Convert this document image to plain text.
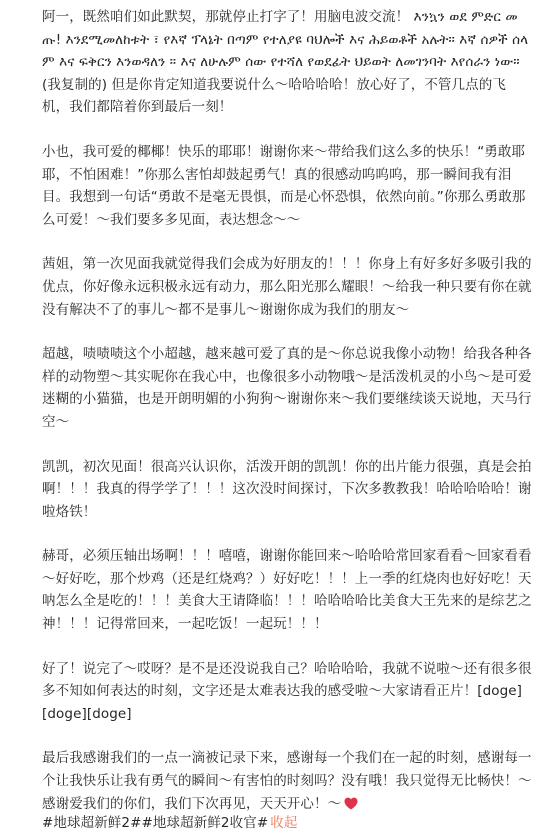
阿一，既然咱们如此默契，那就停止打字了！用脑电波交流！ እንኳን ወደ ምድር መጡ! እንደሚመለከቱት ፣ የእኛ ፕላኔት በጣም የተለያዩ ባህሎች እና ሕይወቶች አሉት። እኛ ሰዎች ሰላም እና ፍቅርን እንወዳለን ። እና ለሁሉም ሰው የተሻለ የወደፊት ህይወት ለመገንባት እየሰራን ነው። (我复制的) 但是你肯定知道我要说什么～哈哈哈哈！放心好了，不管几点的飞机，我们都陪着你到最后一刻！

小也，我可爱的椰椰！快乐的耶耶！谢谢你来～带给我们这么多的快乐！“勇敢耶耶，不怕困难！”你那么害怕却鼓起勇气！真的很感动呜呜呜，那一瞬间我有泪目。我想到一句话“勇敢不是毫无畏惧，而是心怀恐惧，依然向前。”你那么勇敢那么可爱！～我们要多多见面，表达想念～～

茜姐，第一次见面我就觉得我们会成为好朋友的！！！你身上有好多好多吸引我的优点，你好像永远积极永远有动力，那么阳光那么耀眼！～给我一种只要有你在就没有解决不了的事儿～都不是事儿～谢谢你成为我们的朋友～

超越，啧啧啧这个小超越，越来越可爱了真的是～你总说我像小动物！给我各种各样的动物塑～其实呢你在我心中，也像很多小动物哦～是活泼机灵的小鸟～是可爱迷糊的小猫猫，也是开朗明媚的小狗狗～谢谢你来～我们要继续谈天说地，天马行空～

凯凯，初次见面！很高兴认识你，活泼开朗的凯凯！你的出片能力很强，真是会拍啊！！！我真的得学学了！！！这次没时间探讨，下次多教教我！哈哈哈哈哈！谢啦烙铁！

赫哥，必须压轴出场啊！！！嘻嘻，谢谢你能回来～哈哈哈常回家看看～回家看看～好好吃，那个炒鸡（还是红烧鸡？）好好吃！！！上一季的红烧肉也好好吃！天呐怎么全是吃的！！！美食大王请降临！！！哈哈哈哈比美食大王先来的是综艺之神！！！记得常回来，一起吃饭！一起玩！！！

好了！说完了～哎呀？是不是还没说我自己？哈哈哈哈，我就不说啦～还有很多很多不知如何表达的时刻，文字还是太难表达我的感受啦～大家请看正片！[doge][doge][doge]

最后我感谢我们的一点一滴被记录下来，感谢每一个我们在一起的时刻，感谢每一个让我快乐让我有勇气的瞬间～有害怕的时刻吗？没有哦！我只觉得无比畅快！～感谢爱我们的你们，我们下次再见，天天开心！～

#地球超新鲜2##地球超新鲜2收官# 收起
